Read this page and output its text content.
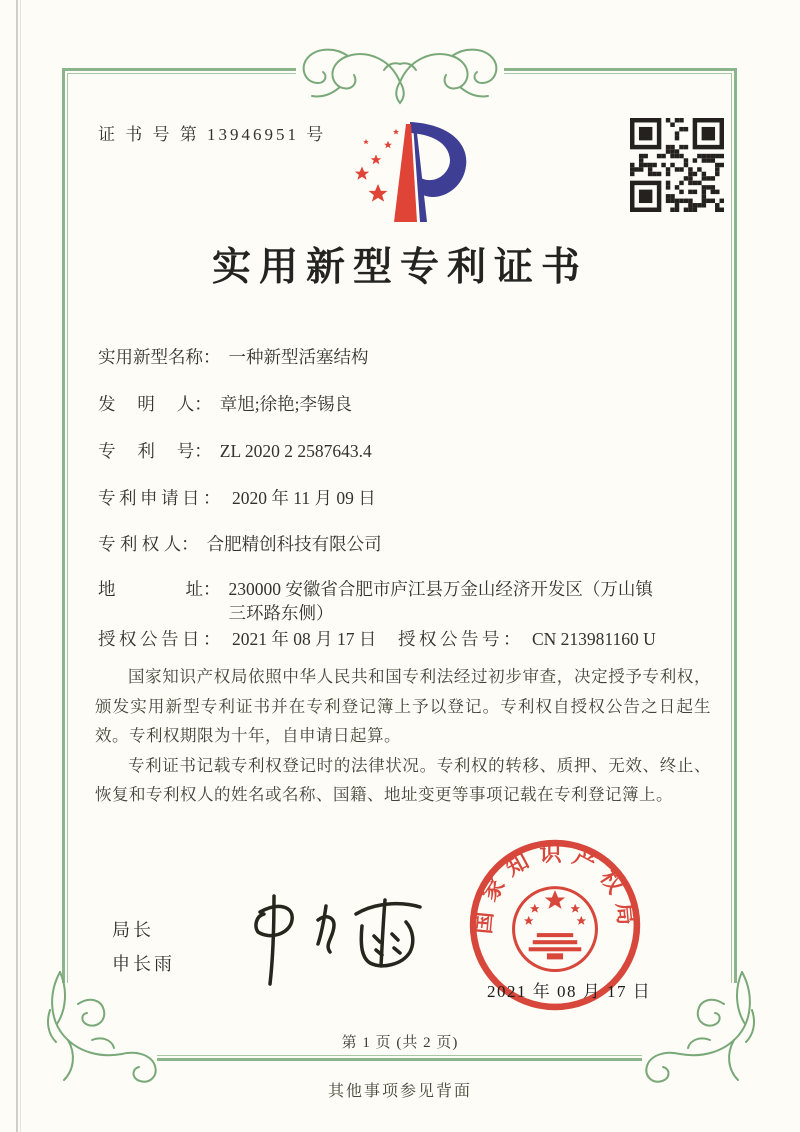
证 书 号 第 13946951 号
实用新型专利证书
实用新型名称： 一种新型活塞结构
发　 明　 人： 章旭;徐艳;李锡良
专　 利　 号： ZL 2020 2 2587643.4
专利申请日： 2020 年 11 月 09 日
专 利 权 人： 合肥精创科技有限公司
地　　　　址： 230000 安徽省合肥市庐江县万金山经济开发区（万山镇三环路东侧）
授权公告日： 2021 年 08 月 17 日 授权公告号： CN 213981160 U

国家知识产权局依照中华人民共和国专利法经过初步审查，决定授予专利权，颁发实用新型专利证书并在专利登记簿上予以登记。专利权自授权公告之日起生效。专利权期限为十年，自申请日起算。

专利证书记载专利权登记时的法律状况。专利权的转移、质押、无效、终止、恢复和专利权人的姓名或名称、国籍、地址变更等事项记载在专利登记簿上。

局长
申长雨
国家知识产权局
2021 年 08 月 17 日
第 1 页 (共 2 页)
其他事项参见背面
